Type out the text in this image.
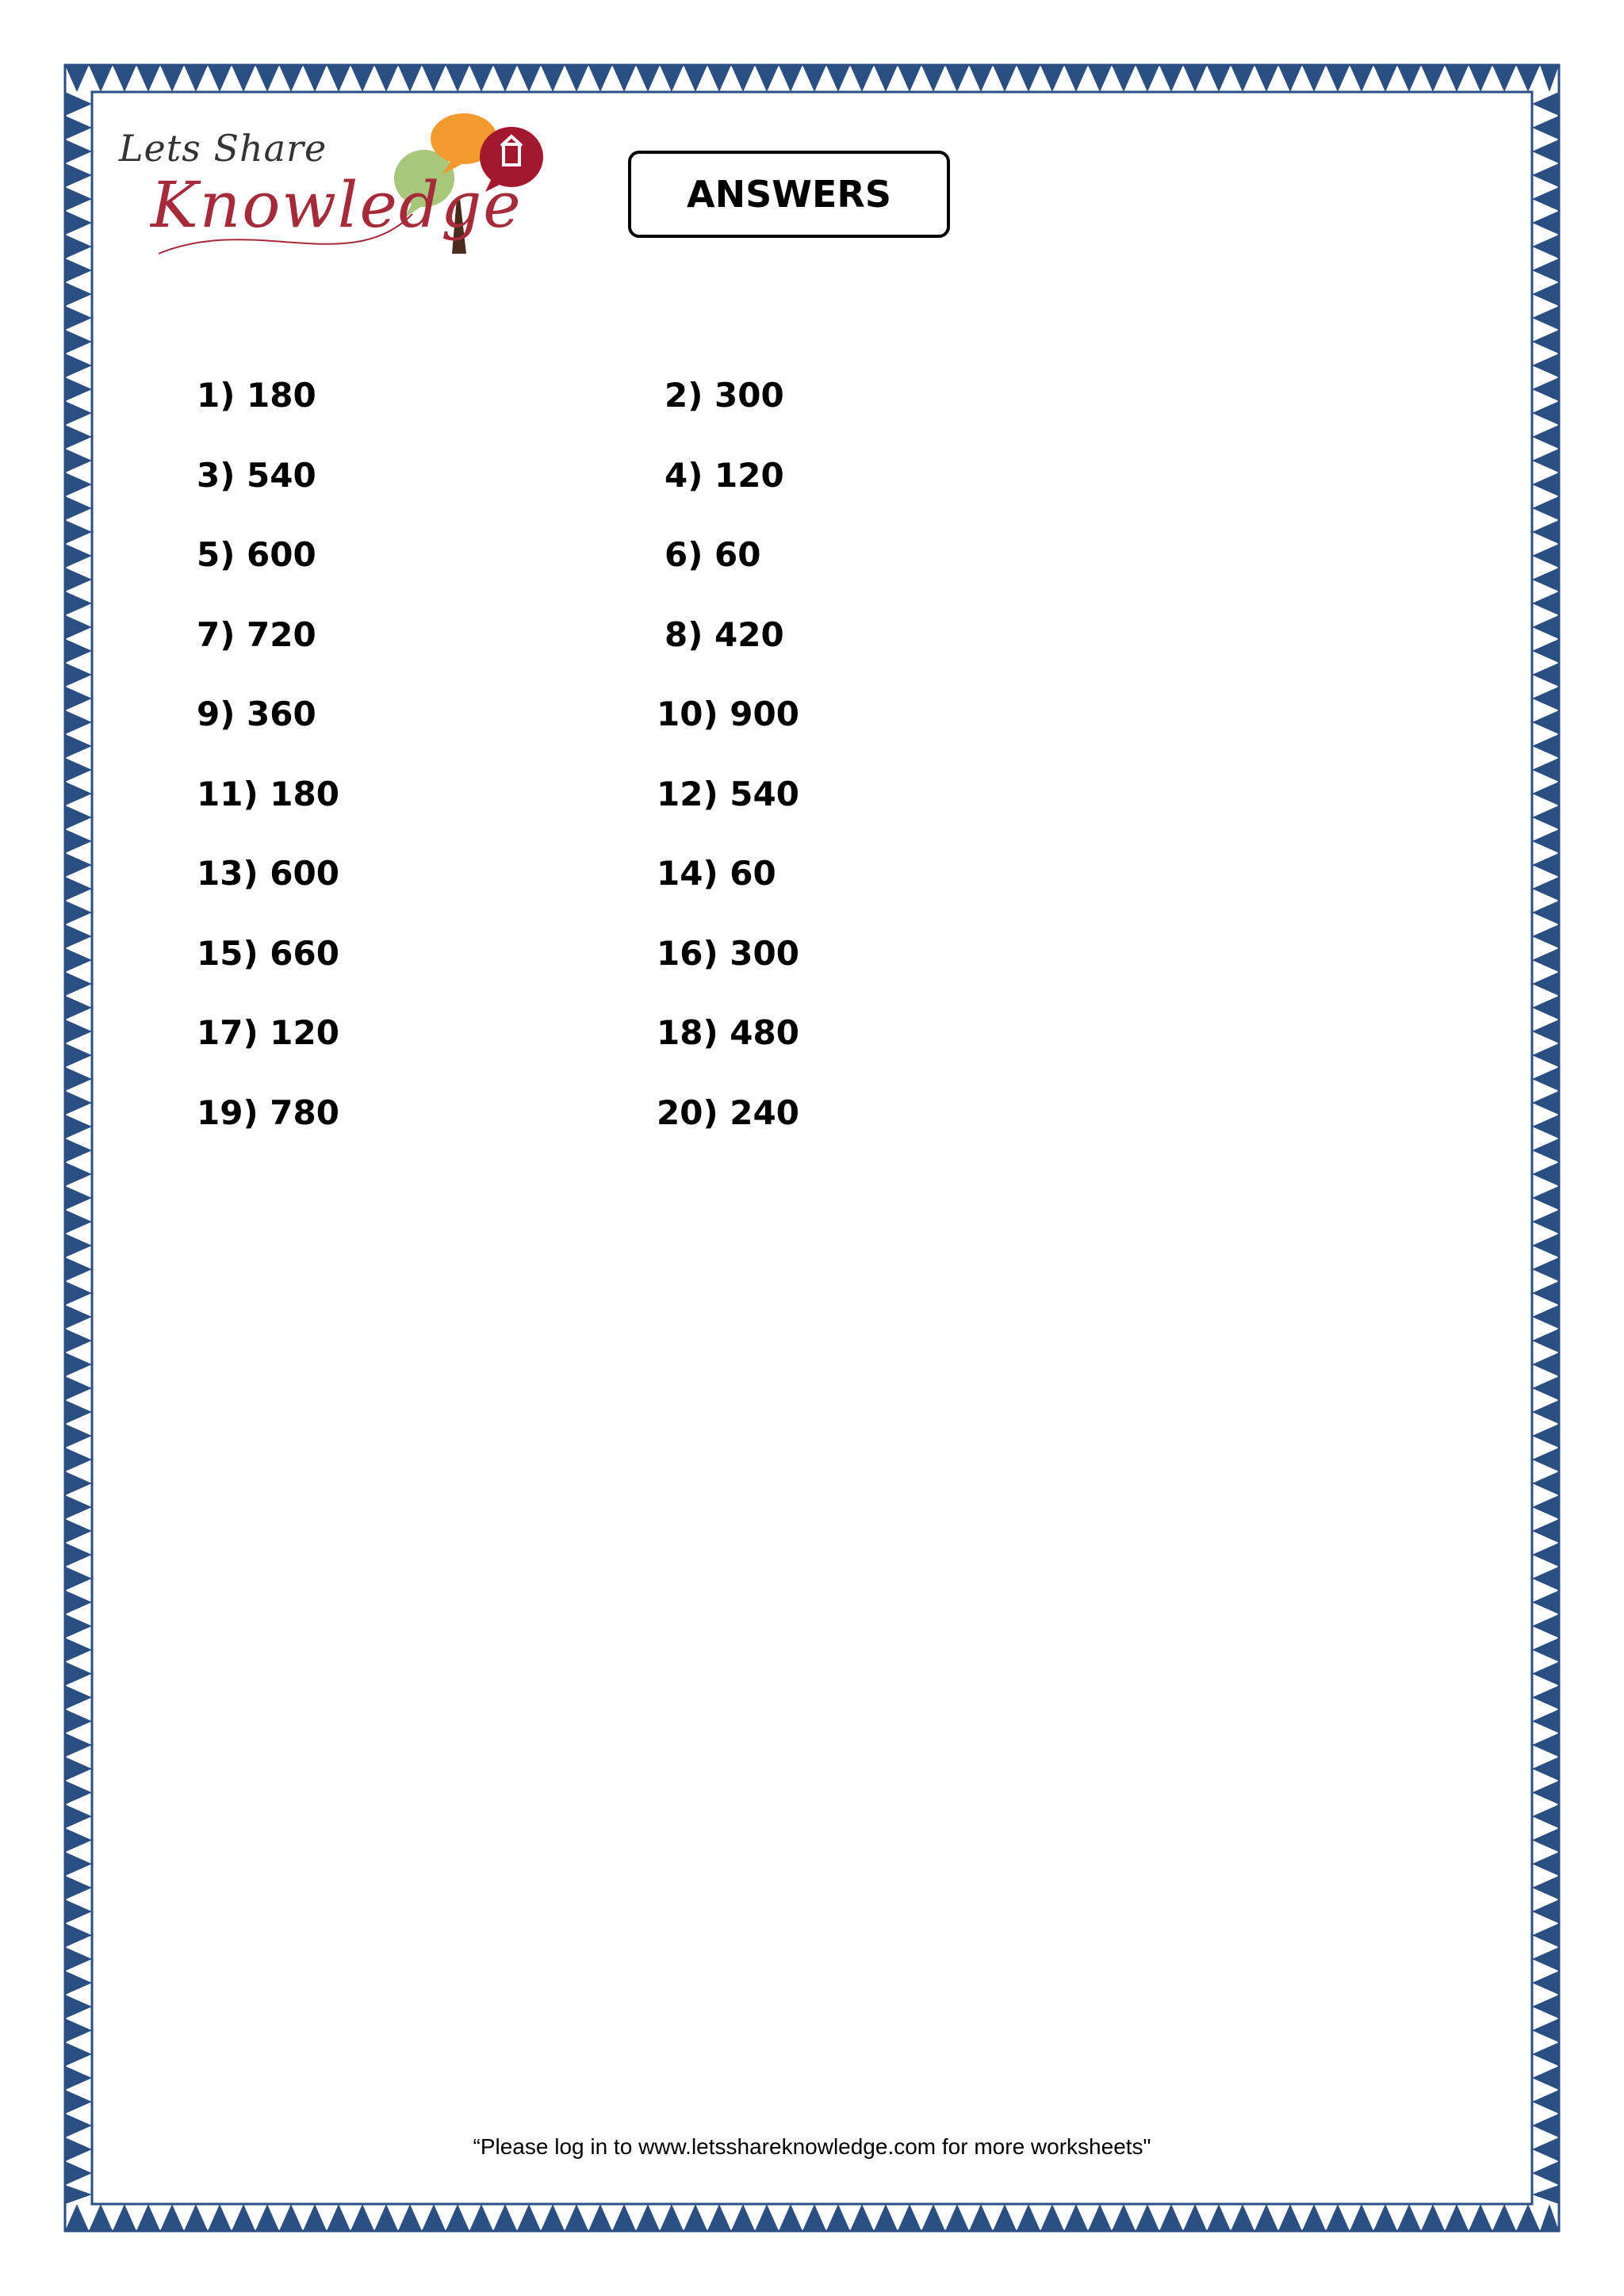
Lets Share
Knowledge	ANSWERS
1) 180	2) 300
3) 540	4) 120
5) 600	6) 60
7) 720	8) 420
9) 360	10) 900
11) 180	12) 540
13) 600	14) 60
15) 660	16) 300
17) 120	18) 480
19) 780	20) 240
“Please log in to www.letsshareknowledge.com for more worksheets"
